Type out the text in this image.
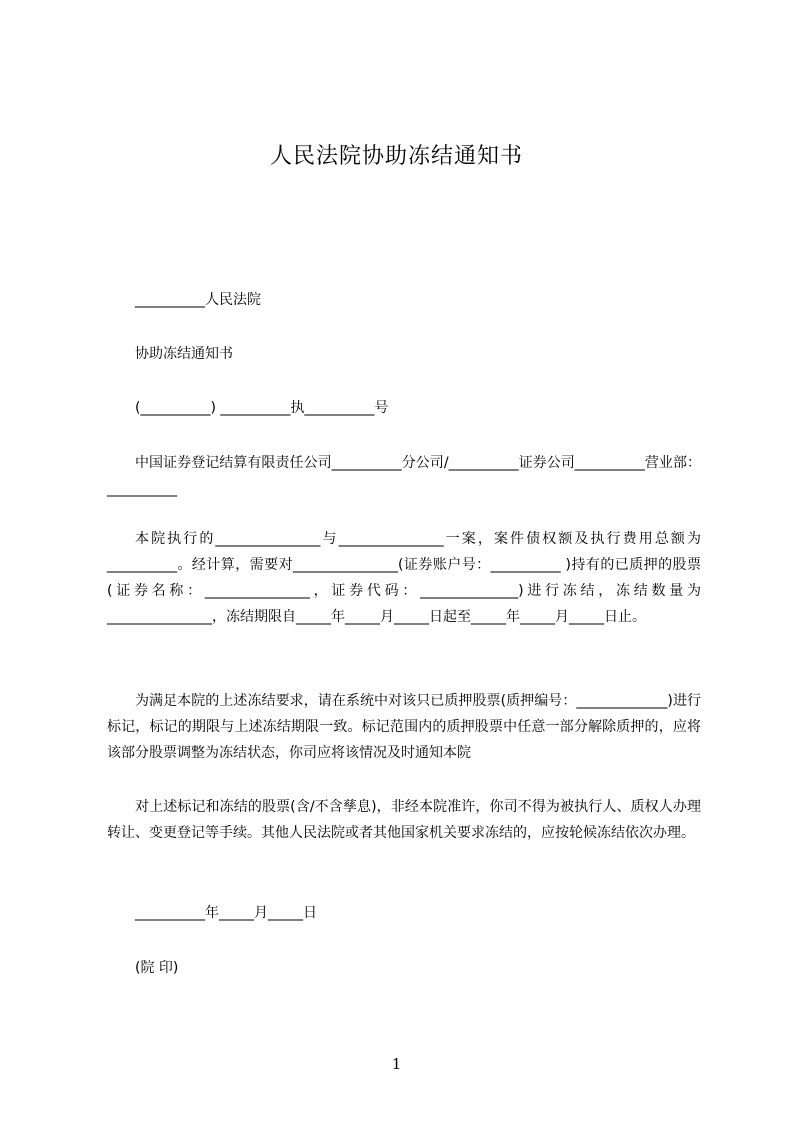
人民法院协助冻结通知书
__________人民法院
协助冻结通知书
(__________) __________执__________号
中国证券登记结算有限责任公司__________分公司/__________证券公司__________营业部：__________
本院执行的_______________与_______________一案，案件债权额及执行费用总额为__________。经计算，需要对_______________(证券账户号：__________ )持有的已质押的股票(证券名称：_______________，证券代码：______________)进行冻结，冻结数量为_______________，冻结期限自_____年_____月_____日起至_____年_____月_____日止。
为满足本院的上述冻结要求，请在系统中对该只已质押股票(质押编号：_____________)进行标记，标记的期限与上述冻结期限一致。标记范围内的质押股票中任意一部分解除质押的，应将该部分股票调整为冻结状态，你司应将该情况及时通知本院
对上述标记和冻结的股票(含/不含孳息)，非经本院准许，你司不得为被执行人、质权人办理转让、变更登记等手续。其他人民法院或者其他国家机关要求冻结的，应按轮候冻结依次办理。
__________年_____月_____日
(院 印)
1
